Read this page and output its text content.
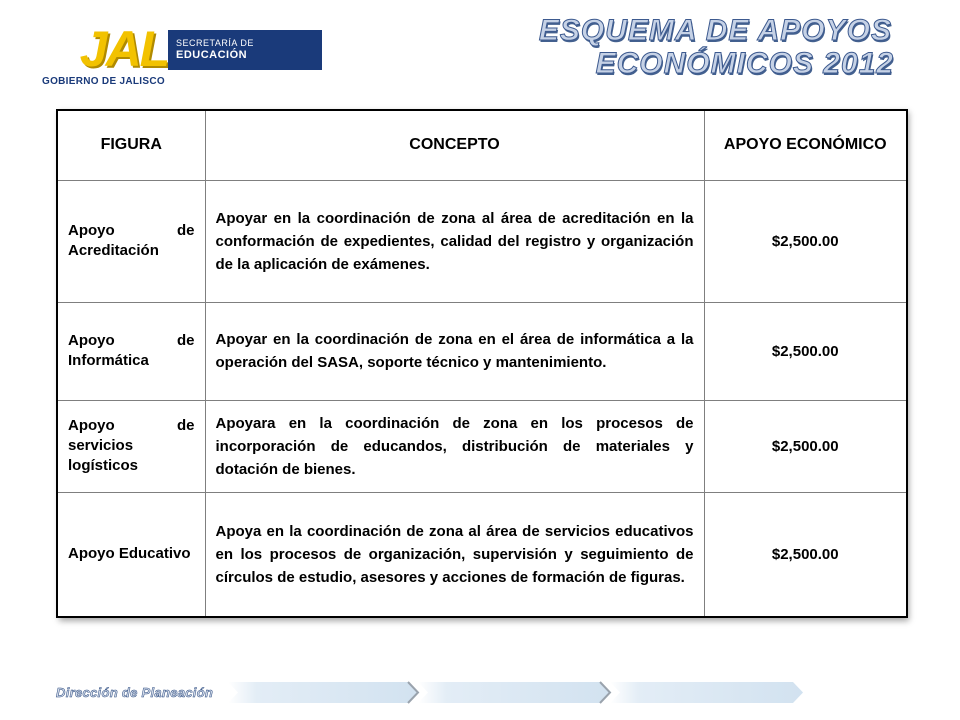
JAL SECRETARÍA DE
EDUCACIÓN
GOBIERNO DE JALISCO
ESQUEMA DE APOYOS
ECONÓMICOS 2012
FIGURA	CONCEPTO	APOYO ECONÓMICO
Apoyo de Acreditación	Apoyar en la coordinación de zona al área de acreditación en la conformación de expedientes, calidad del registro y organización de la aplicación de exámenes.	$2,500.00
Apoyo de Informática	Apoyar en la coordinación de zona en el área de informática a la operación del SASA, soporte técnico y mantenimiento.	$2,500.00
Apoyo de servicios logísticos	Apoyara en la coordinación de zona en los procesos de incorporación de educandos, distribución de materiales y dotación de bienes.	$2,500.00
Apoyo Educativo	Apoya en la coordinación de zona al área de servicios educativos en los procesos de organización, supervisión y seguimiento de círculos de estudio, asesores y acciones de formación de figuras.	$2,500.00
Dirección de Planeación
